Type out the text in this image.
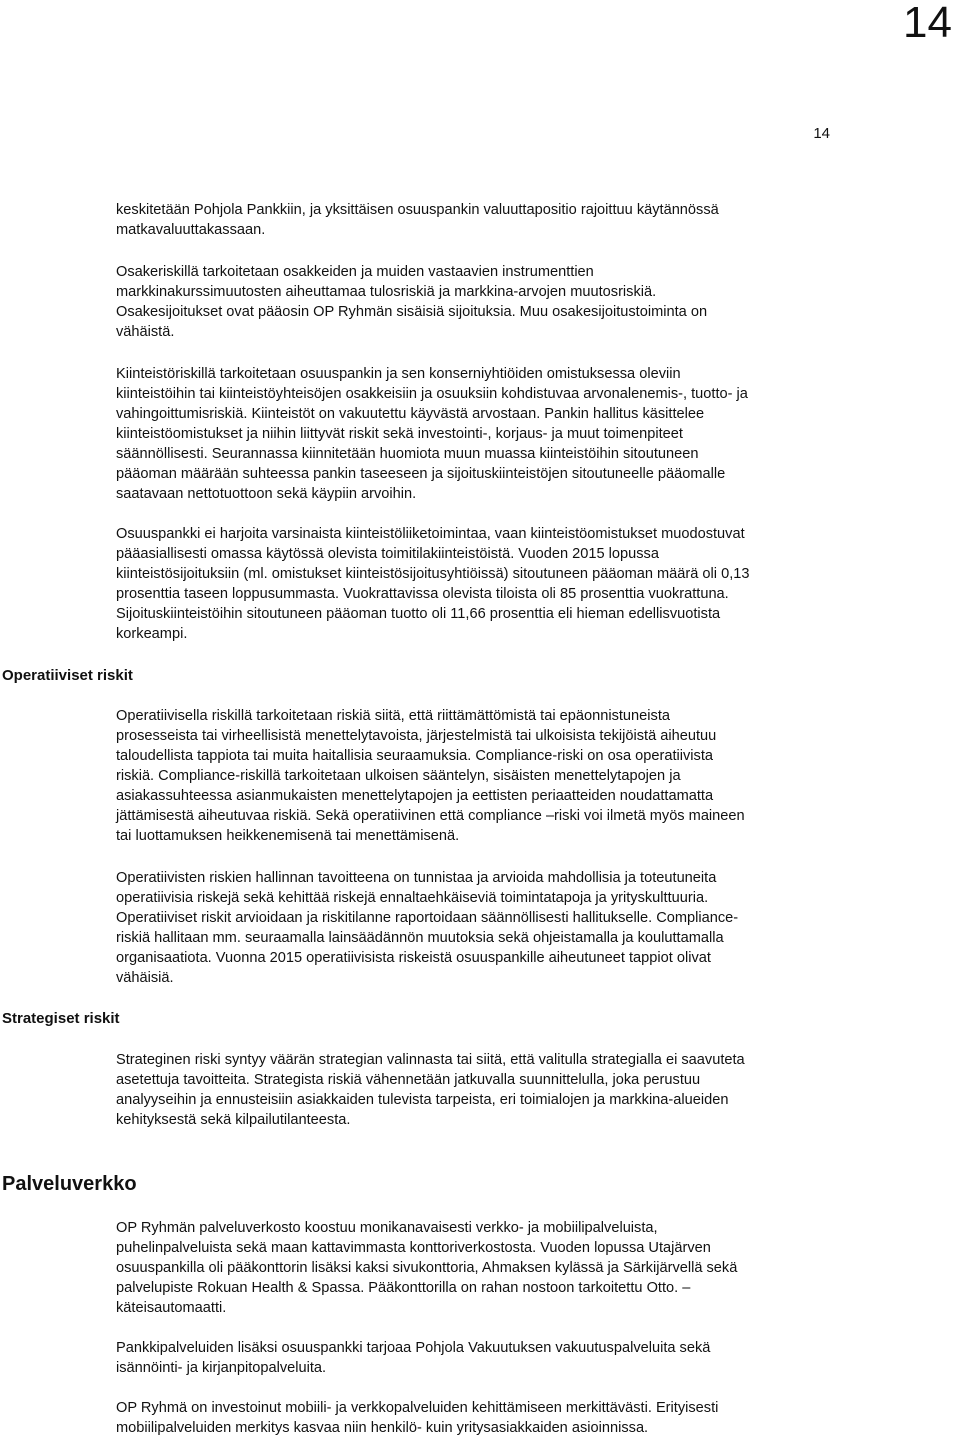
14
14
keskitetään Pohjola Pankkiin, ja yksittäisen osuuspankin valuuttapositio rajoittuu käytännössä
matkavaluuttakassaan.
Osakeriskillä tarkoitetaan osakkeiden ja muiden vastaavien instrumenttien
markkinakurssimuutosten aiheuttamaa tulosriskiä ja markkina-arvojen muutosriskiä.
Osakesijoitukset ovat pääosin OP Ryhmän sisäisiä sijoituksia. Muu osakesijoitustoiminta on
vähäistä.
Kiinteistöriskillä tarkoitetaan osuuspankin ja sen konserniyhtiöiden omistuksessa oleviin
kiinteistöihin tai kiinteistöyhteisöjen osakkeisiin ja osuuksiin kohdistuvaa arvonalenemis-, tuotto- ja
vahingoittumisriskiä. Kiinteistöt on vakuutettu käyvästä arvostaan. Pankin hallitus käsittelee
kiinteistöomistukset ja niihin liittyvät riskit sekä investointi-, korjaus- ja muut toimenpiteet
säännöllisesti. Seurannassa kiinnitetään huomiota muun muassa kiinteistöihin sitoutuneen
pääoman määrään suhteessa pankin taseeseen ja sijoituskiinteistöjen sitoutuneelle pääomalle
saatavaan nettotuottoon sekä käypiin arvoihin.
Osuuspankki ei harjoita varsinaista kiinteistöliiketoimintaa, vaan kiinteistöomistukset muodostuvat
pääasiallisesti omassa käytössä olevista toimitilakiinteistöistä. Vuoden 2015 lopussa
kiinteistösijoituksiin (ml. omistukset kiinteistösijoitusyhtiöissä) sitoutuneen pääoman määrä oli 0,13
prosenttia taseen loppusummasta. Vuokrattavissa olevista tiloista oli 85 prosenttia vuokrattuna.
Sijoituskiinteistöihin sitoutuneen pääoman tuotto oli 11,66 prosenttia eli hieman edellisvuotista
korkeampi.
Operatiiviset riskit
Operatiivisella riskillä tarkoitetaan riskiä siitä, että riittämättömistä tai epäonnistuneista
prosesseista tai virheellisistä menettelytavoista, järjestelmistä tai ulkoisista tekijöistä aiheutuu
taloudellista tappiota tai muita haitallisia seuraamuksia. Compliance-riski on osa operatiivista
riskiä. Compliance-riskillä tarkoitetaan ulkoisen sääntelyn, sisäisten menettelytapojen ja
asiakassuhteessa asianmukaisten menettelytapojen ja eettisten periaatteiden noudattamatta
jättämisestä aiheutuvaa riskiä. Sekä operatiivinen että compliance –riski voi ilmetä myös maineen
tai luottamuksen heikkenemisenä tai menettämisenä.
Operatiivisten riskien hallinnan tavoitteena on tunnistaa ja arvioida mahdollisia ja toteutuneita
operatiivisia riskejä sekä kehittää riskejä ennaltaehkäiseviä toimintatapoja ja yrityskulttuuria.
Operatiiviset riskit arvioidaan ja riskitilanne raportoidaan säännöllisesti hallitukselle. Compliance-
riskiä hallitaan mm. seuraamalla lainsäädännön muutoksia sekä ohjeistamalla ja kouluttamalla
organisaatiota. Vuonna 2015 operatiivisista riskeistä osuuspankille aiheutuneet tappiot olivat
vähäisiä.
Strategiset riskit
Strateginen riski syntyy väärän strategian valinnasta tai siitä, että valitulla strategialla ei saavuteta
asetettuja tavoitteita. Strategista riskiä vähennetään jatkuvalla suunnittelulla, joka perustuu
analyyseihin ja ennusteisiin asiakkaiden tulevista tarpeista, eri toimialojen ja markkina-alueiden
kehityksestä sekä kilpailutilanteesta.
Palveluverkko
OP Ryhmän palveluverkosto koostuu monikanavaisesti verkko- ja mobiilipalveluista,
puhelinpalveluista sekä maan kattavimmasta konttoriverkostosta. Vuoden lopussa Utajärven
osuuspankilla oli pääkonttorin lisäksi kaksi sivukonttoria, Ahmaksen kylässä ja Särkijärvellä sekä
palvelupiste Rokuan Health & Spassa. Pääkonttorilla on rahan nostoon tarkoitettu Otto. –
käteisautomaatti.
Pankkipalveluiden lisäksi osuuspankki tarjoaa Pohjola Vakuutuksen vakuutuspalveluita sekä
isännöinti- ja kirjanpitopalveluita.
OP Ryhmä on investoinut mobiili- ja verkkopalveluiden kehittämiseen merkittävästi. Erityisesti
mobiilipalveluiden merkitys kasvaa niin henkilö- kuin yritysasiakkaiden asioinnissa.
